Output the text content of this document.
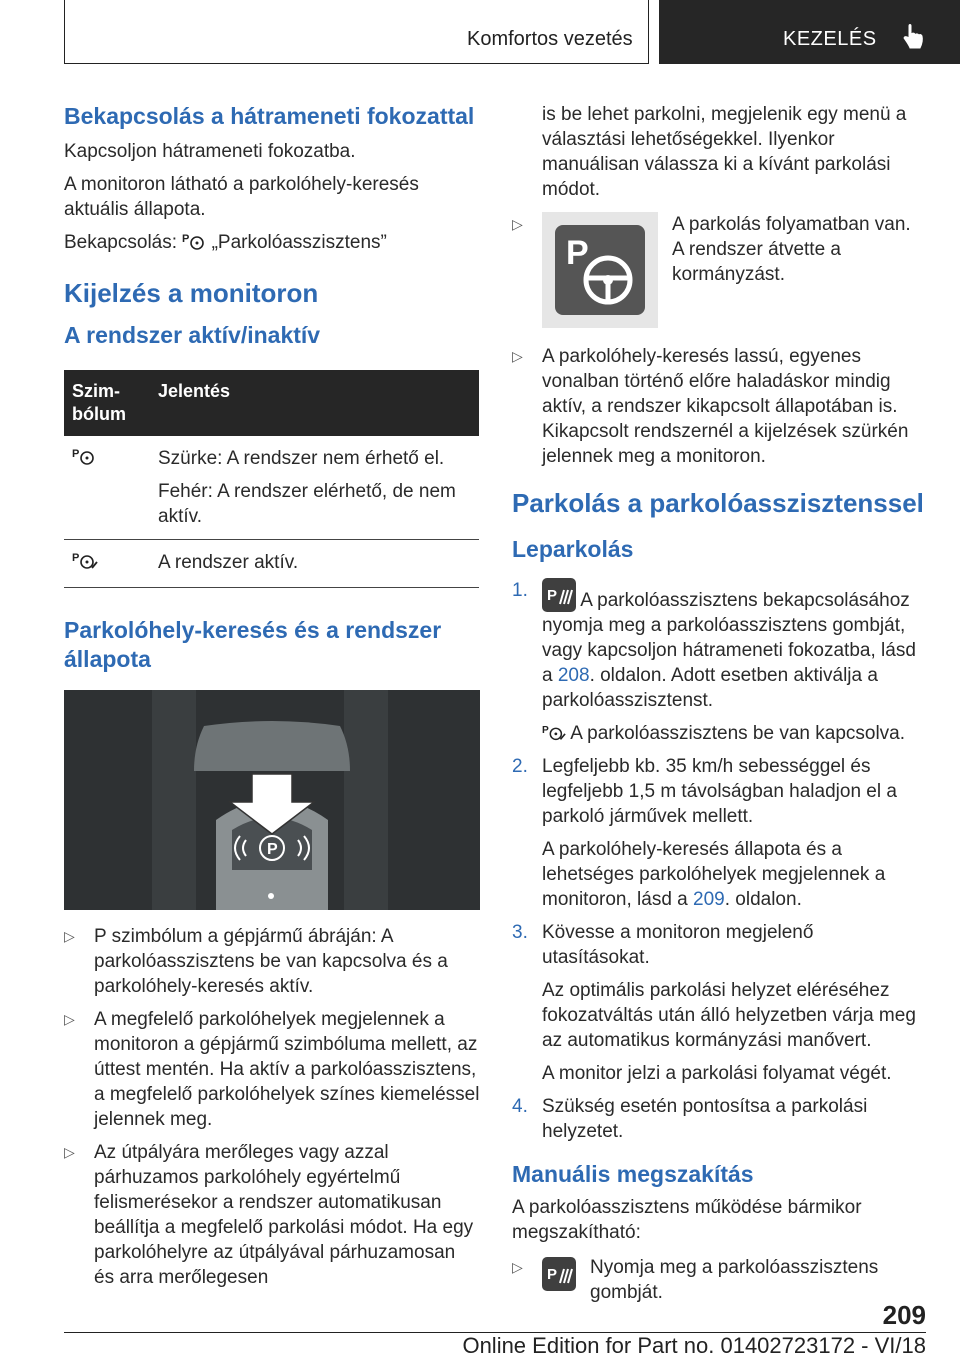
Komfortos vezetés	KEZELÉS
Bekapcsolás a hátrameneti fokozattal

Kapcsoljon hátrameneti fokozatba.

A monitoron látható a parkolóhely-keresés aktuális állapota.

Bekapcsolás: P „Parkolóasszisztens”

Kijelzés a monitoron
A rendszer aktív/inaktív
Szim-bólum	Jelentés

P	Szürke: A rendszer nem érhető el.
Fehér: A rendszer elérhető, de nem aktív.

P	A rendszer aktív.
Parkolóhely-keresés és a rendszer állapota
P
▷ P szimbólum a gépjármű ábráján: A parkolóasszisztens be van kapcsolva és a parkolóhely-keresés aktív.
▷ A megfelelő parkolóhelyek megjelennek a monitoron a gépjármű szimbóluma mellett, az úttest mentén. Ha aktív a parkolóasszisztens, a megfelelő parkolóhelyek színes kiemeléssel jelennek meg.
▷ Az útpályára merőleges vagy azzal párhuzamos parkolóhely egyértelmű felismerésekor a rendszer automatikusan beállítja a megfelelő parkolási módot. Ha egy parkolóhelyre az útpályával párhuzamosan és arra merőlegesen
is be lehet parkolni, megjelenik egy menü a választási lehetőségekkel. Ilyenkor manuálisan válassza ki a kívánt parkolási módot.
▷
P
A parkolás folyamatban van. A rendszer átvette a kormányzást.
▷ A parkolóhely-keresés lassú, egyenes vonalban történő előre haladáskor mindig aktív, a rendszer kikapcsolt állapotában is. Kikapcsolt rendszernél a kijelzések szürkén jelennek meg a monitoron.
Parkolás a parkolóasszisztenssel
Leparkolás
1. P A parkolóasszisztens bekapcsolásához nyomja meg a parkolóasszisztens gombját, vagy kapcsoljon hátrameneti fokozatba, lásd a 208. oldalon. Adott esetben aktiválja a parkolóasszisztenst.
P A parkolóasszisztens be van kapcsolva.
2. Legfeljebb kb. 35 km/h sebességgel és legfeljebb 1,5 m távolságban haladjon el a parkoló járművek mellett.
A parkolóhely-keresés állapota és a lehetséges parkolóhelyek megjelennek a monitoron, lásd a 209. oldalon.
3. Kövesse a monitoron megjelenő utasításokat.
Az optimális parkolási helyzet eléréséhez fokozatváltás után álló helyzetben várja meg az automatikus kormányzási manővert.
A monitor jelzi a parkolási folyamat végét.
4. Szükség esetén pontosítsa a parkolási helyzetet.
Manuális megszakítás

A parkolóasszisztens működése bármikor megszakítható:

▷ P Nyomja meg a parkolóasszisztens gombját.
209
Online Edition for Part no. 01402723172 - VI/18
